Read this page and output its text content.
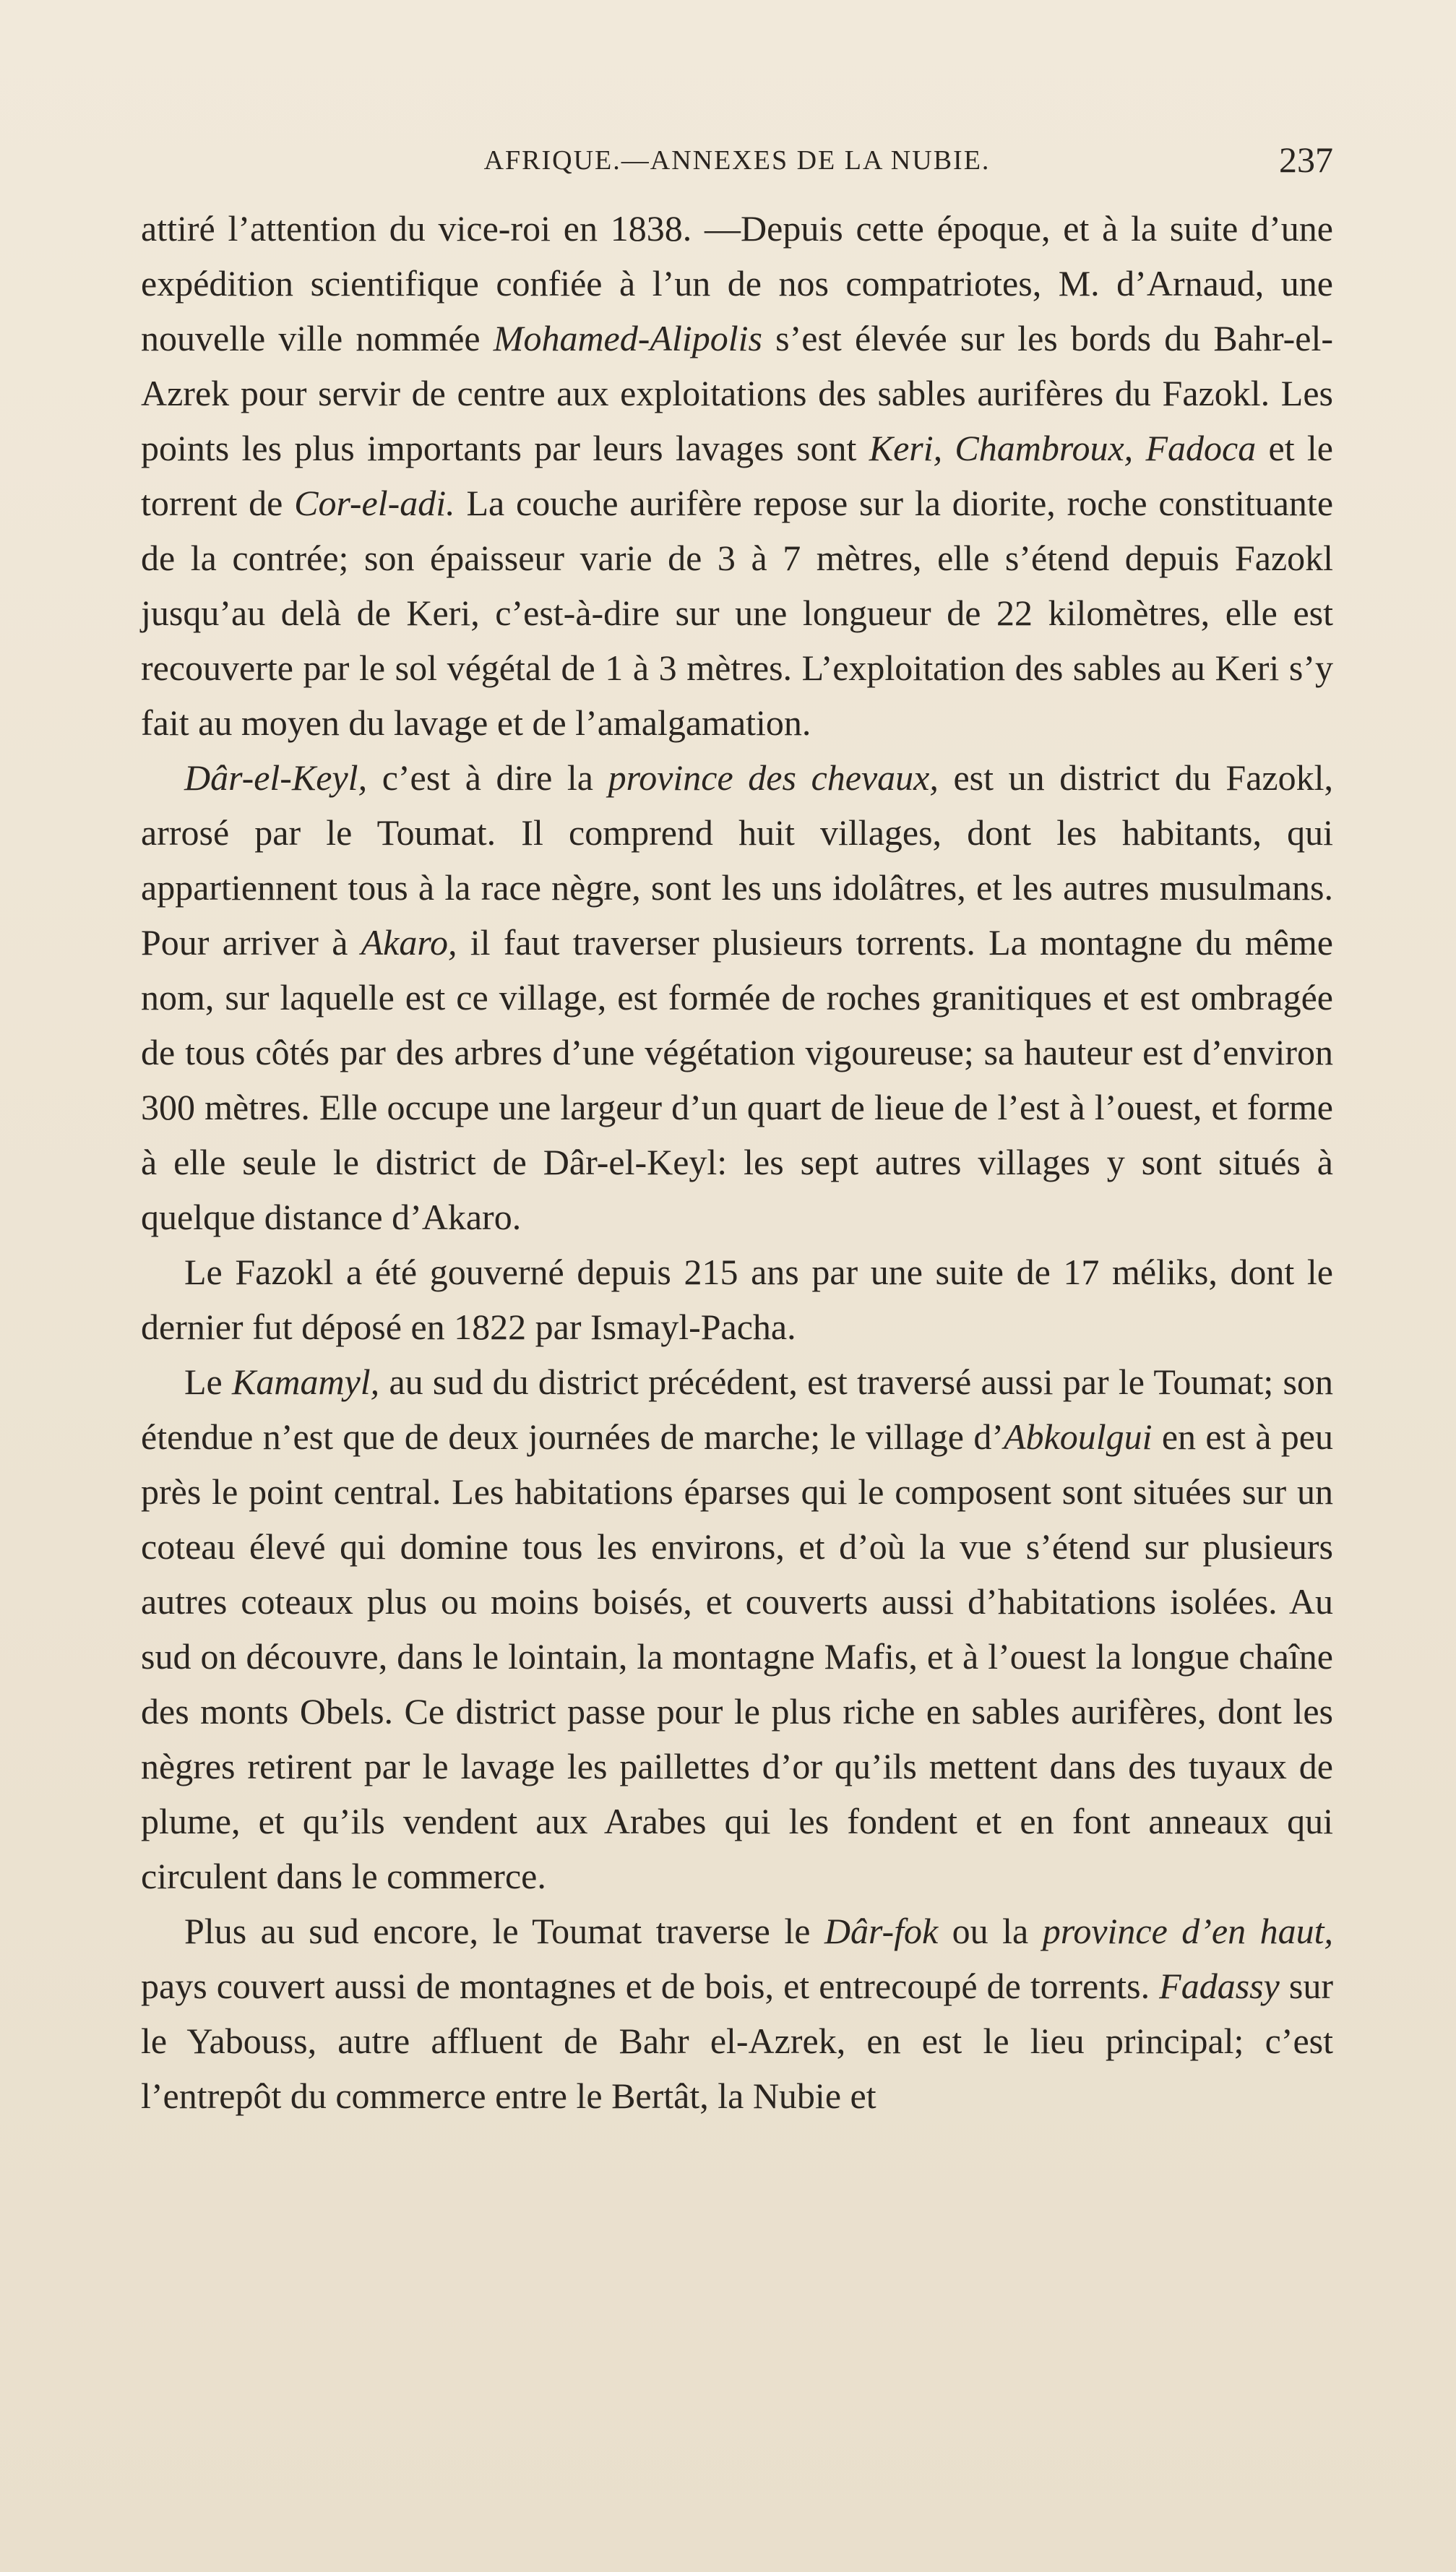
AFRIQUE.—ANNEXES DE LA NUBIE.	237

attiré l’attention du vice-roi en 1838. —Depuis cette époque, et à la suite d’une expédition scientifique confiée à l’un de nos compatriotes, M. d’Arnaud, une nouvelle ville nommée Mohamed-Alipolis s’est élevée sur les bords du Bahr-el-Azrek pour servir de centre aux exploitations des sables aurifères du Fazokl. Les points les plus importants par leurs lavages sont Keri, Chambroux, Fadoca et le torrent de Cor-el-adi. La couche aurifère repose sur la diorite, roche constituante de la contrée; son épaisseur varie de 3 à 7 mètres, elle s’étend depuis Fazokl jusqu’au delà de Keri, c’est-à-dire sur une longueur de 22 kilomètres, elle est recouverte par le sol végétal de 1 à 3 mètres. L’exploitation des sables au Keri s’y fait au moyen du lavage et de l’amalgamation.

Dâr-el-Keyl, c’est à dire la province des chevaux, est un district du Fazokl, arrosé par le Toumat. Il comprend huit villages, dont les habitants, qui appartiennent tous à la race nègre, sont les uns idolâtres, et les autres musulmans. Pour arriver à Akaro, il faut traverser plusieurs torrents. La montagne du même nom, sur laquelle est ce village, est formée de roches granitiques et est ombragée de tous côtés par des arbres d’une végétation vigoureuse; sa hauteur est d’environ 300 mètres. Elle occupe une largeur d’un quart de lieue de l’est à l’ouest, et forme à elle seule le district de Dâr-el-Keyl: les sept autres villages y sont situés à quelque distance d’Akaro.

Le Fazokl a été gouverné depuis 215 ans par une suite de 17 méliks, dont le dernier fut déposé en 1822 par Ismayl-Pacha.

Le Kamamyl, au sud du district précédent, est traversé aussi par le Toumat; son étendue n’est que de deux journées de marche; le village d’Abkoulgui en est à peu près le point central. Les habitations éparses qui le composent sont situées sur un coteau élevé qui domine tous les environs, et d’où la vue s’étend sur plusieurs autres coteaux plus ou moins boisés, et couverts aussi d’habitations isolées. Au sud on découvre, dans le lointain, la montagne Mafis, et à l’ouest la longue chaîne des monts Obels. Ce district passe pour le plus riche en sables aurifères, dont les nègres retirent par le lavage les paillettes d’or qu’ils mettent dans des tuyaux de plume, et qu’ils vendent aux Arabes qui les fondent et en font anneaux qui circulent dans le commerce.

Plus au sud encore, le Toumat traverse le Dâr-fok ou la province d’en haut, pays couvert aussi de montagnes et de bois, et entrecoupé de torrents. Fadassy sur le Yabouss, autre affluent de Bahr el-Azrek, en est le lieu principal; c’est l’entrepôt du commerce entre le Bertât, la Nubie et
